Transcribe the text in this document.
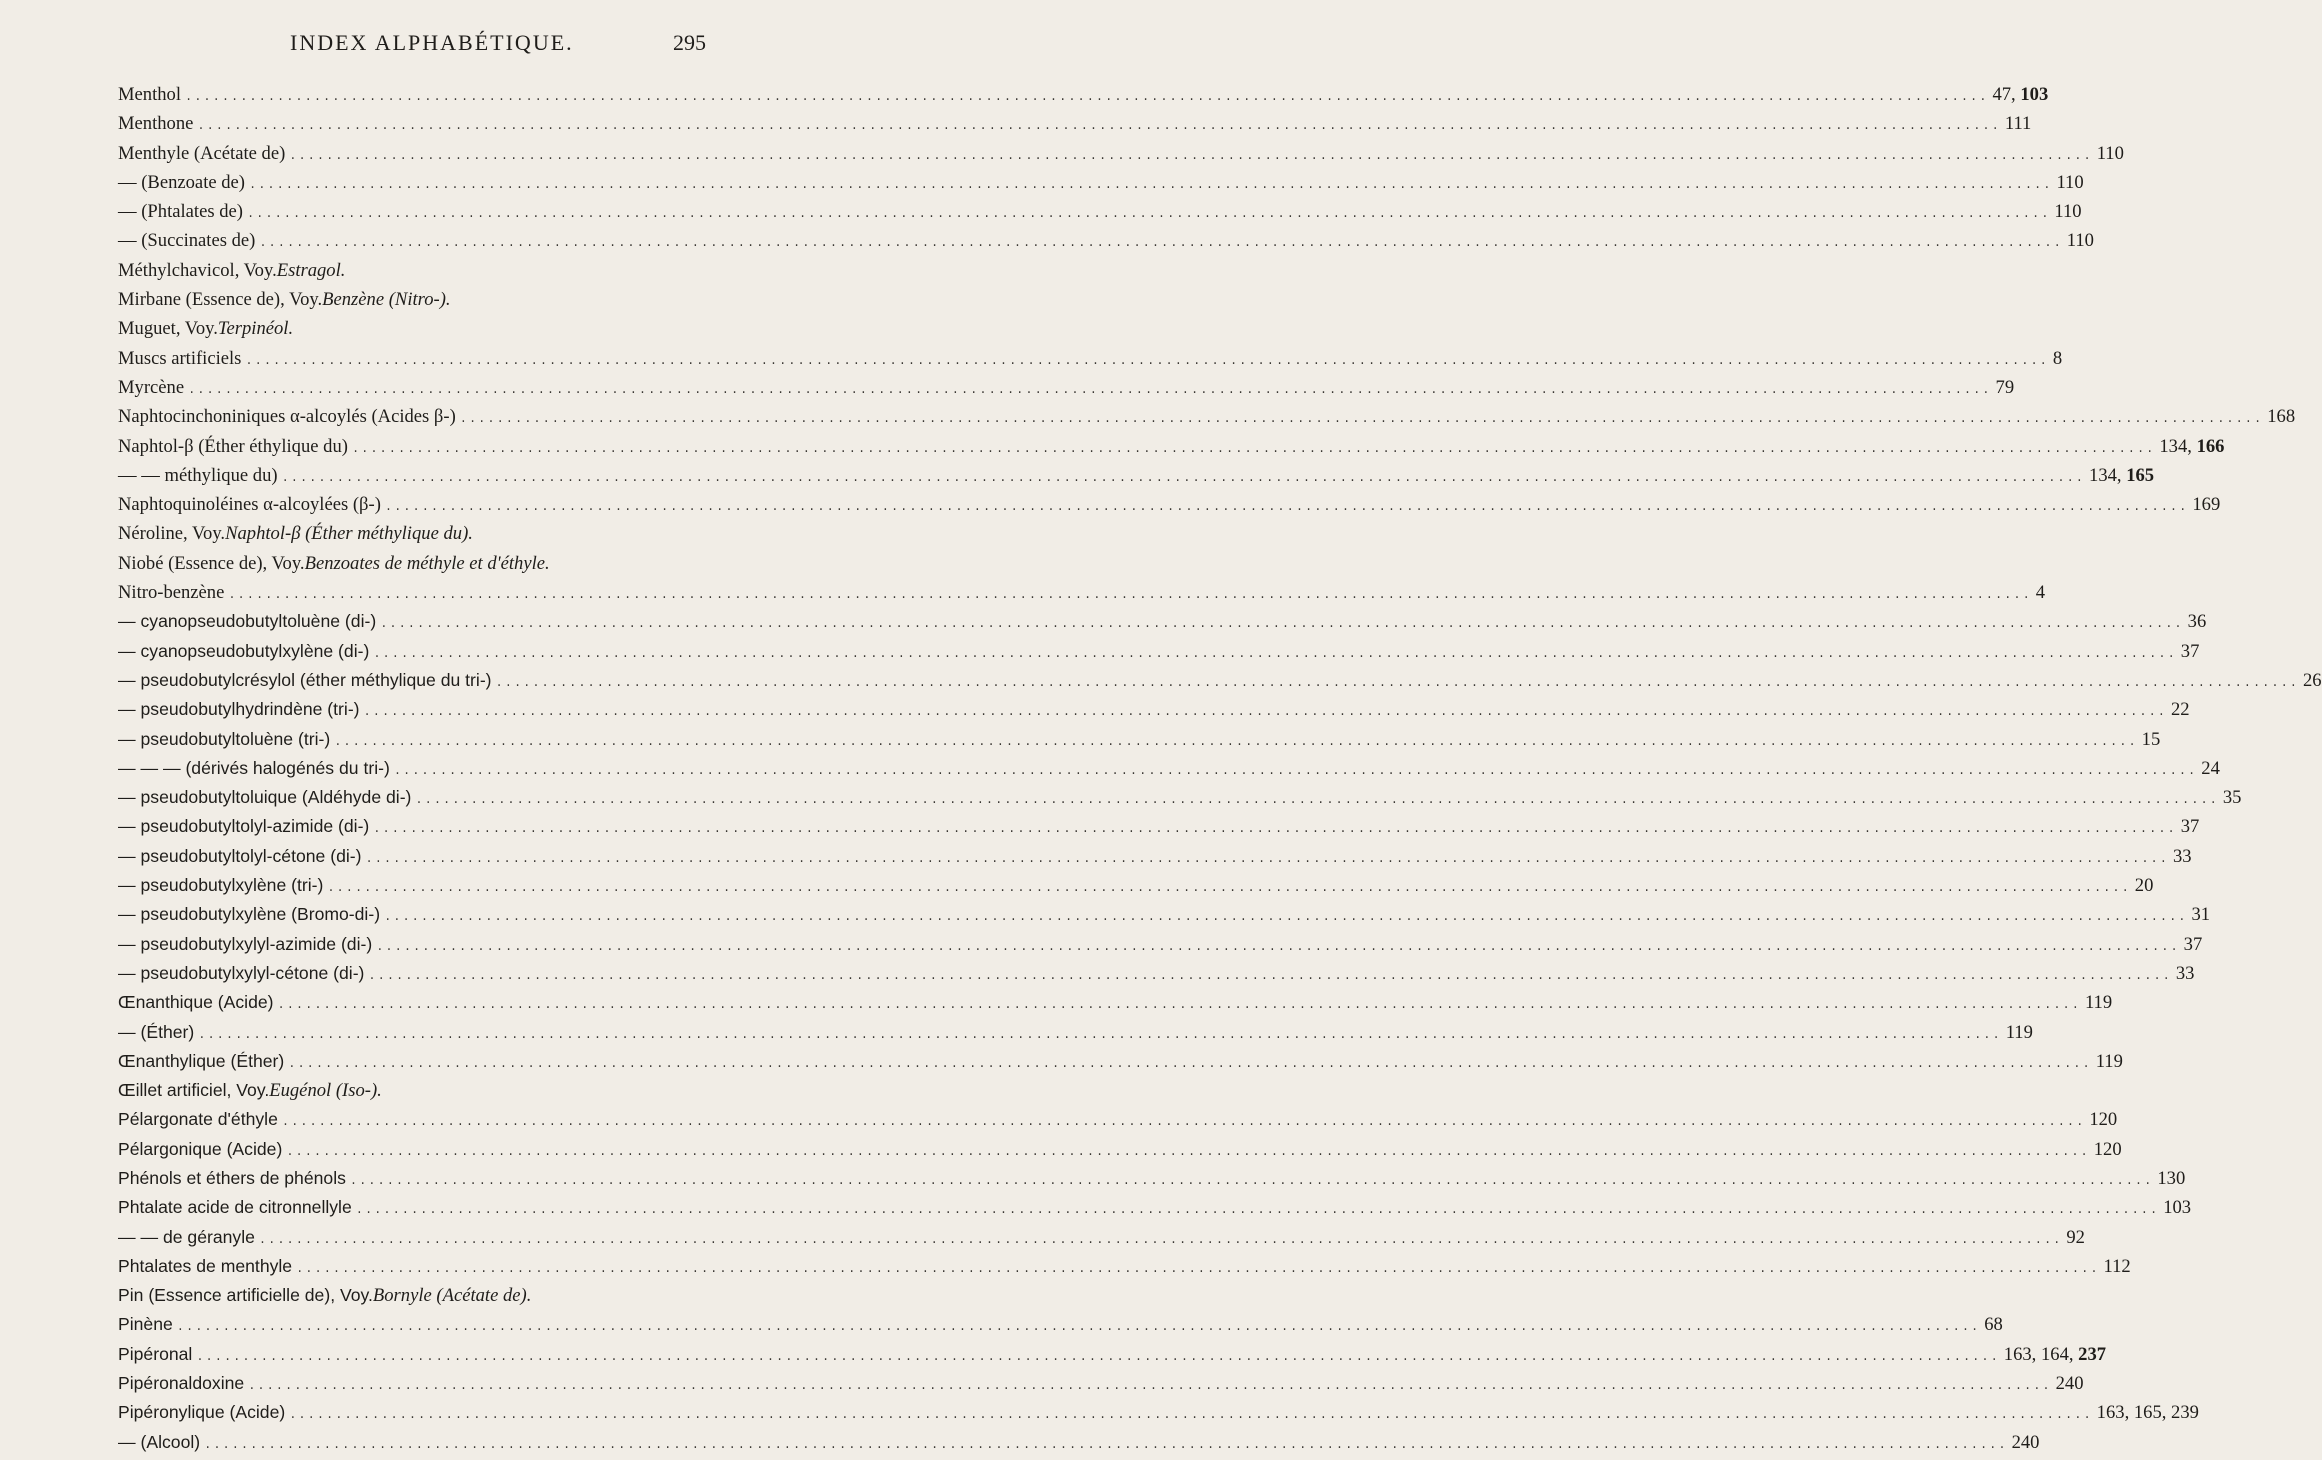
INDEX ALPHABÉTIQUE.	295
Menthol .....	47, 103
Menthone .....	111
Menthyle (Acétate de) .....	110
— (Benzoate de) .....	110
— (Phtalates de) .....	110
— (Succinates de) .....	110
Méthylchavicol, Voy. Estragol.
Mirbane (Essence de), Voy. Benzène (Nitro-).
Muguet, Voy. Terpinéol.
Muscs artificiels .....	8
Myrcène .....	79
Naphtocinchoniniques α-alcoylés (Acides β-) .....	168
Naphtol-β (Éther éthylique du) .....	134, 166
— — méthylique du) .....	134, 165
Naphtoquinoléines α-alcoylées (β-) .....	169
Néroline, Voy. Naphtol-β (Éther méthylique du).
Niobé (Essence de), Voy. Benzoates de méthyle et d'éthyle.
Nitro-benzène .....	4
— cyanopseudobutyltoluène (di-) .....	36
— cyanopseudobutylxylène (di-) .....	37
— pseudobutylcrésylol (éther méthylique du tri-) .....	26
— pseudobutylhydrindène (tri-) .....	22
— pseudobutyltoluène (tri-) .....	15
— — — (dérivés halogénés du tri-) .....	24
— pseudobutyltoluique (Aldéhyde di-) .....	35
— pseudobutyltolyl-azimide (di-) .....	37
— pseudobutyltolyl-cétone (di-) .....	33
— pseudobutylxylène (tri-) .....	20
— pseudobutylxylène (Bromo-di-) .....	31
— pseudobutylxylyl-azimide (di-) .....	37
— pseudobutylxylyl-cétone (di-) .....	33
Œnanthique (Acide) .....	119
— (Éther) .....	119
Œnanthylique (Éther) .....	119
Œillet artificiel, Voy. Eugénol (Iso-).
Pélargonate d'éthyle .....	120
Pélargonique (Acide) .....	120
Phénols et éthers de phénols .....	130
Phtalate acide de citronnellyle .....	103
— — de géranyle .....	92
Phtalates de menthyle .....	112
Pin (Essence artificielle de), Voy. Bornyle (Acétate de).
Pinène .....	68
Pipéronal .....	163, 164, 237
Pipéronaldoxine .....	240
Pipéronylique (Acide) .....	163, 165, 239
— (Alcool) .....	240
